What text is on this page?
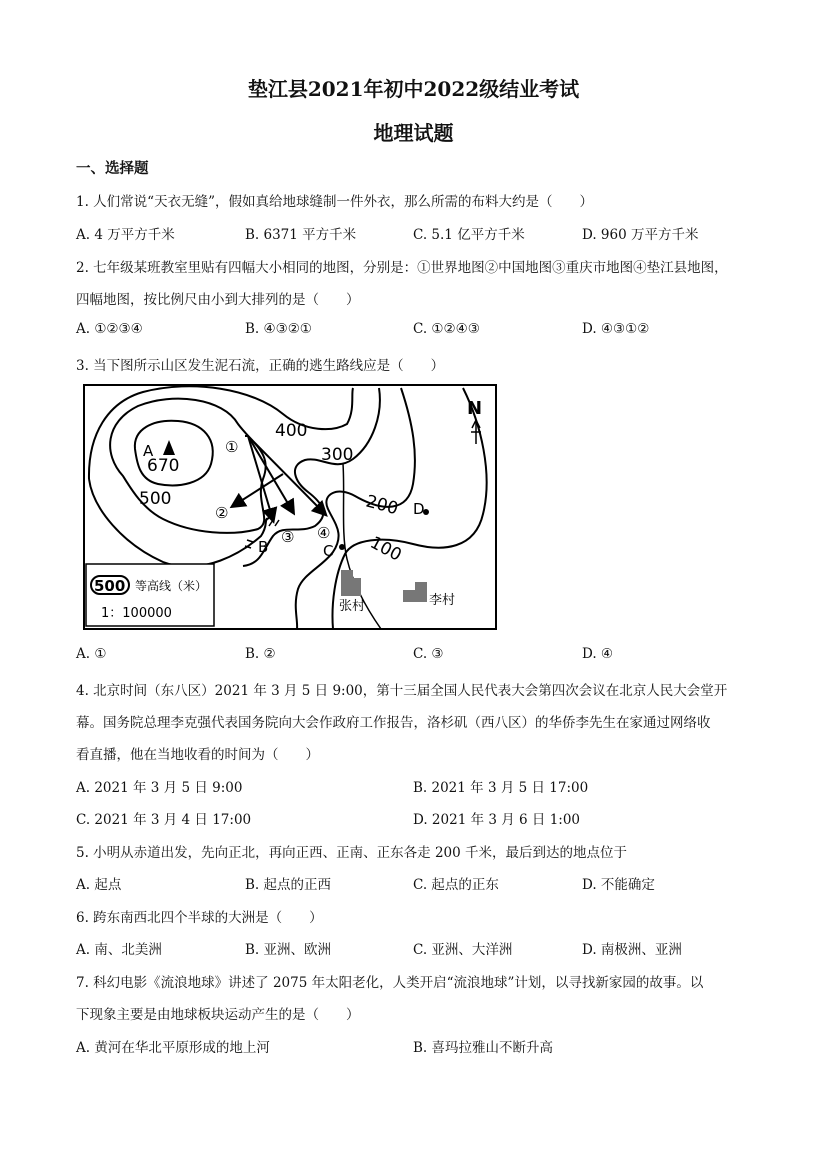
垫江县2021年初中2022级结业考试
地理试题
一、选择题
1. 人们常说“天衣无缝”，假如真给地球缝制一件外衣，那么所需的布料大约是（　　）
A. 4 万平方千米	B. 6371 平方千米	C. 5.1 亿平方千米	D. 960 万平方千米
2. 七年级某班教室里贴有四幅大小相同的地图，分别是：①世界地图②中国地图③重庆市地图④垫江县地图，
四幅地图，按比例尺由小到大排列的是（　　）
A. ①②③④	B. ④③②①	C. ①②④③	D. ④③①②
3. 当下图所示山区发生泥石流，正确的逃生路线应是（　　）
400
300
200
100
500
670
A
B	C
D
①
②
③ ④
N
张村	李村
500 等高线（米）
1：100000
A. ①	B. ②	C. ③	D. ④
4. 北京时间（东八区）2021 年 3 月 5 日 9:00，第十三届全国人民代表大会第四次会议在北京人民大会堂开
幕。国务院总理李克强代表国务院向大会作政府工作报告，洛杉矶（西八区）的华侨李先生在家通过网络收
看直播，他在当地收看的时间为（　　）
A. 2021 年 3 月 5 日 9:00	B. 2021 年 3 月 5 日 17:00
C. 2021 年 3 月 4 日 17:00	D. 2021 年 3 月 6 日 1:00
5. 小明从赤道出发，先向正北，再向正西、正南、正东各走 200 千米，最后到达的地点位于
A. 起点	B. 起点的正西	C. 起点的正东	D. 不能确定
6. 跨东南西北四个半球的大洲是（　　）
A. 南、北美洲	B. 亚洲、欧洲	C. 亚洲、大洋洲	D. 南极洲、亚洲
7. 科幻电影《流浪地球》讲述了 2075 年太阳老化，人类开启“流浪地球”计划，以寻找新家园的故事。以
下现象主要是由地球板块运动产生的是（　　）
A. 黄河在华北平原形成的地上河	B. 喜玛拉雅山不断升高
